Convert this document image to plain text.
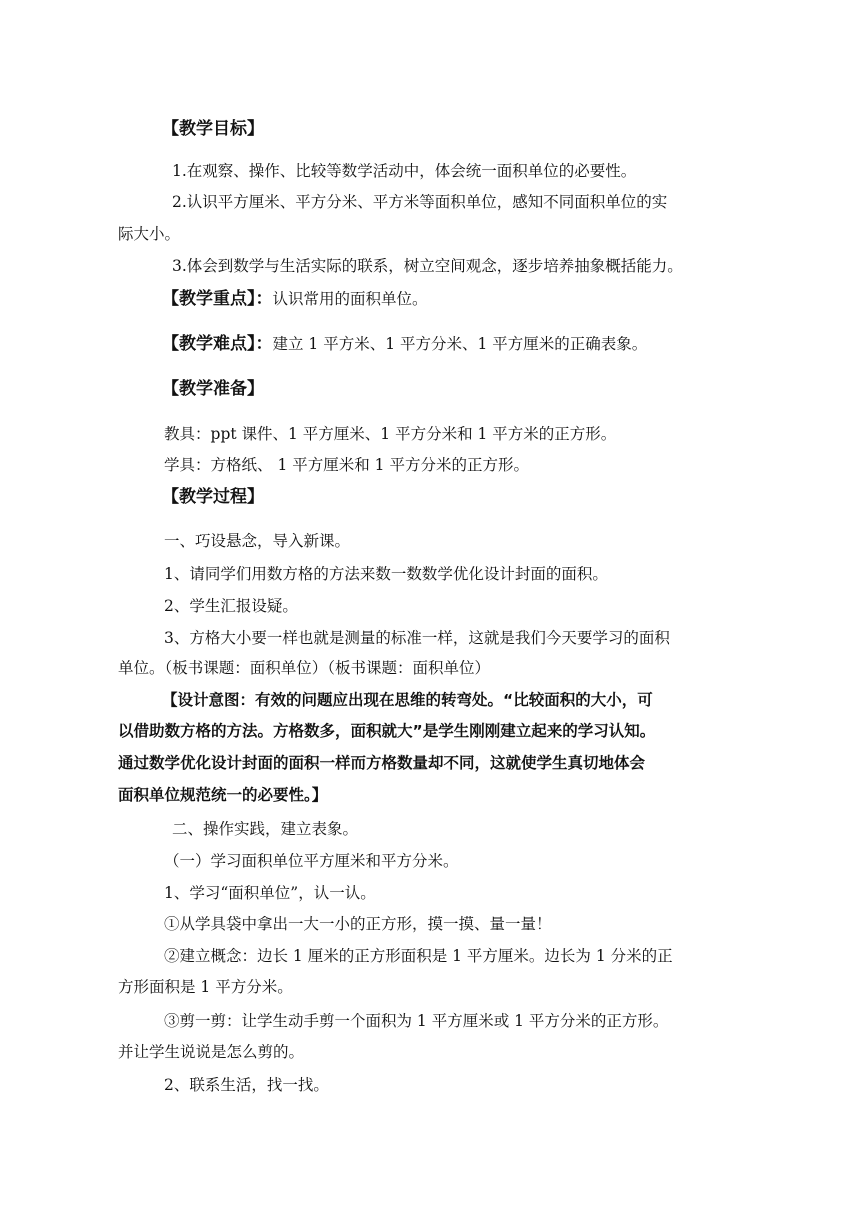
【教学目标】
1.在观察、操作、比较等数学活动中，体会统一面积单位的必要性。
2.认识平方厘米、平方分米、平方米等面积单位，感知不同面积单位的实
际大小。
3.体会到数学与生活实际的联系，树立空间观念，逐步培养抽象概括能力。
【教学重点】：认识常用的面积单位。
【教学难点】：建立 1 平方米、1 平方分米、1 平方厘米的正确表象。
【教学准备】
教具：ppt 课件、1 平方厘米、1 平方分米和 1 平方米的正方形。
学具：方格纸、 1 平方厘米和 1 平方分米的正方形。
【教学过程】
一、巧设悬念，导入新课。
1、请同学们用数方格的方法来数一数数学优化设计封面的面积。
2、学生汇报设疑。
3、方格大小要一样也就是测量的标准一样，这就是我们今天要学习的面积
单位。（板书课题：面积单位）（板书课题：面积单位）
【设计意图：有效的问题应出现在思维的转弯处。“比较面积的大小，可
以借助数方格的方法。方格数多，面积就大”是学生刚刚建立起来的学习认知。
通过数学优化设计封面的面积一样而方格数量却不同，这就使学生真切地体会
面积单位规范统一的必要性。】
二、操作实践，建立表象。
（一）学习面积单位平方厘米和平方分米。
1、学习“面积单位”，认一认。
①从学具袋中拿出一大一小的正方形，摸一摸、量一量！
②建立概念：边长 1 厘米的正方形面积是 1 平方厘米。边长为 1 分米的正
方形面积是 1 平方分米。
③剪一剪：让学生动手剪一个面积为 1 平方厘米或 1 平方分米的正方形。
并让学生说说是怎么剪的。
2、联系生活，找一找。
